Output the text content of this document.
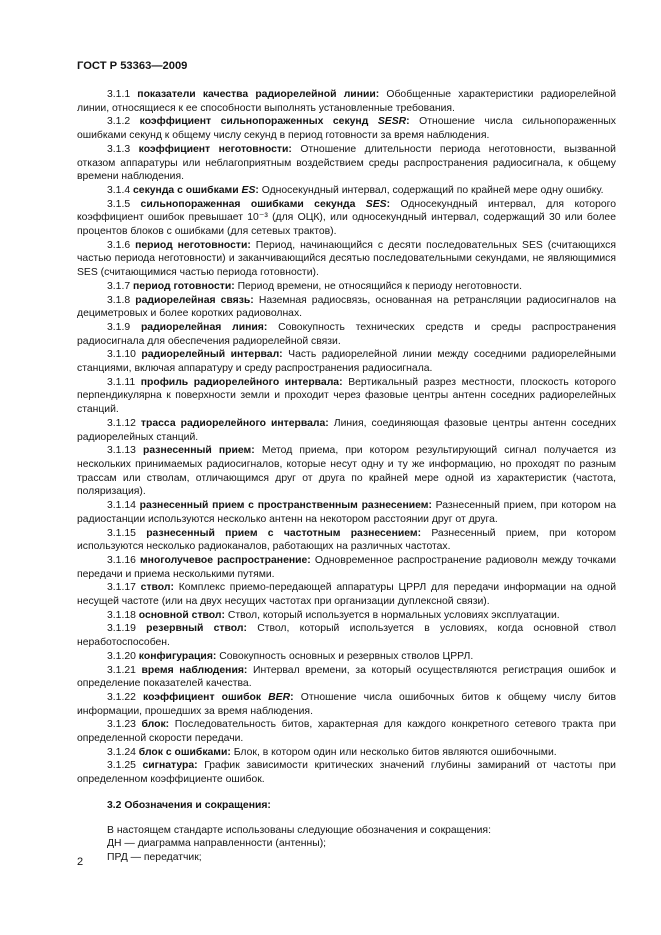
ГОСТ Р 53363—2009

3.1.1 показатели качества радиорелейной линии: Обобщенные характеристики радиорелейной линии, относящиеся к ее способности выполнять установленные требования.

3.1.2 коэффициент сильнопораженных секунд SESR: Отношение числа сильнопораженных ошибками секунд к общему числу секунд в период готовности за время наблюдения.

3.1.3 коэффициент неготовности: Отношение длительности периода неготовности, вызванной отказом аппаратуры или неблагоприятным воздействием среды распространения радиосигнала, к общему времени наблюдения.

3.1.4 секунда с ошибками ES: Односекундный интервал, содержащий по крайней мере одну ошибку.

3.1.5 сильнопораженная ошибками секунда SES: Односекундный интервал, для которого коэффициент ошибок превышает 10⁻³ (для ОЦК), или односекундный интервал, содержащий 30 или более процентов блоков с ошибками (для сетевых трактов).

3.1.6 период неготовности: Период, начинающийся с десяти последовательных SES (считающихся частью периода неготовности) и заканчивающийся десятью последовательными секундами, не являющимися SES (считающимися частью периода готовности).

3.1.7 период готовности: Период времени, не относящийся к периоду неготовности.

3.1.8 радиорелейная связь: Наземная радиосвязь, основанная на ретрансляции радиосигналов на дециметровых и более коротких радиоволнах.

3.1.9 радиорелейная линия: Совокупность технических средств и среды распространения радиосигнала для обеспечения радиорелейной связи.

3.1.10 радиорелейный интервал: Часть радиорелейной линии между соседними радиорелейными станциями, включая аппаратуру и среду распространения радиосигнала.

3.1.11 профиль радиорелейного интервала: Вертикальный разрез местности, плоскость которого перпендикулярна к поверхности земли и проходит через фазовые центры антенн соседних радиорелейных станций.

3.1.12 трасса радиорелейного интервала: Линия, соединяющая фазовые центры антенн соседних радиорелейных станций.

3.1.13 разнесенный прием: Метод приема, при котором результирующий сигнал получается из нескольких принимаемых радиосигналов, которые несут одну и ту же информацию, но проходят по разным трассам или стволам, отличающимся друг от друга по крайней мере одной из характеристик (частота, поляризация).

3.1.14 разнесенный прием с пространственным разнесением: Разнесенный прием, при котором на радиостанции используются несколько антенн на некотором расстоянии друг от друга.

3.1.15 разнесенный прием с частотным разнесением: Разнесенный прием, при котором используются несколько радиоканалов, работающих на различных частотах.

3.1.16 многолучевое распространение: Одновременное распространение радиоволн между точками передачи и приема несколькими путями.

3.1.17 ствол: Комплекс приемо-передающей аппаратуры ЦРРЛ для передачи информации на одной несущей частоте (или на двух несущих частотах при организации дуплексной связи).

3.1.18 основной ствол: Ствол, который используется в нормальных условиях эксплуатации.

3.1.19 резервный ствол: Ствол, который используется в условиях, когда основной ствол неработоспособен.

3.1.20 конфигурация: Совокупность основных и резервных стволов ЦРРЛ.

3.1.21 время наблюдения: Интервал времени, за который осуществляются регистрация ошибок и определение показателей качества.

3.1.22 коэффициент ошибок BER: Отношение числа ошибочных битов к общему числу битов информации, прошедших за время наблюдения.

3.1.23 блок: Последовательность битов, характерная для каждого конкретного сетевого тракта при определенной скорости передачи.

3.1.24 блок с ошибками: Блок, в котором один или несколько битов являются ошибочными.

3.1.25 сигнатура: График зависимости критических значений глубины замираний от частоты при определенном коэффициенте ошибок.

3.2 Обозначения и сокращения:

В настоящем стандарте использованы следующие обозначения и сокращения:

ДН — диаграмма направленности (антенны);

ПРД — передатчик;

2
